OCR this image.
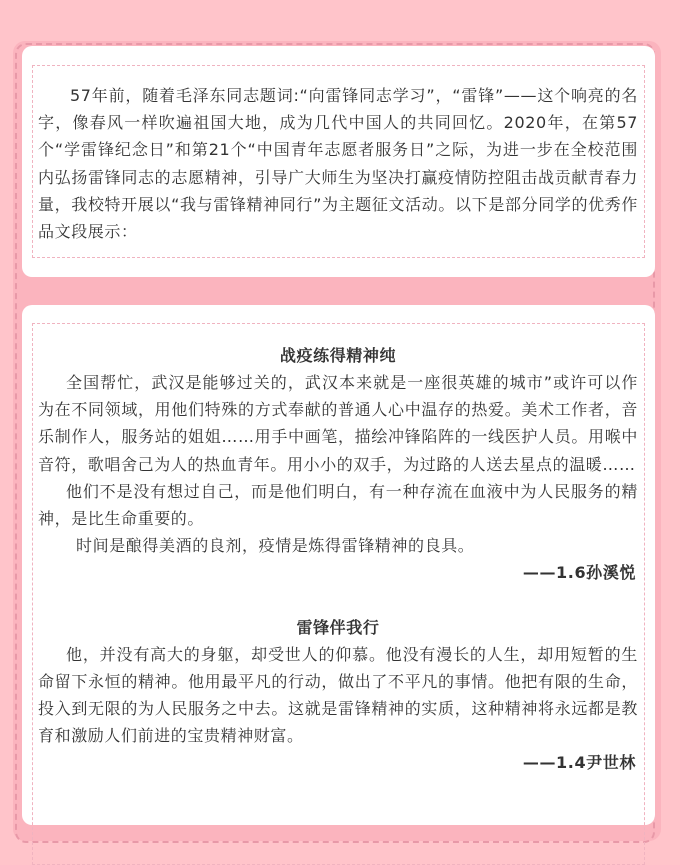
57年前，随着毛泽东同志题词:“向雷锋同志学习”，“雷锋”——这个响亮的名字，像春风一样吹遍祖国大地，成为几代中国人的共同回忆。2020年，在第57个“学雷锋纪念日”和第21个“中国青年志愿者服务日”之际，为进一步在全校范围内弘扬雷锋同志的志愿精神，引导广大师生为坚决打赢疫情防控阻击战贡献青春力量，我校特开展以“我与雷锋精神同行”为主题征文活动。以下是部分同学的优秀作品文段展示：

战疫练得精神纯

全国帮忙，武汉是能够过关的，武汉本来就是一座很英雄的城市”或许可以作为在不同领域，用他们特殊的方式奉献的普通人心中温存的热爱。美术工作者，音乐制作人，服务站的姐姐……用手中画笔，描绘冲锋陷阵的一线医护人员。用喉中音符，歌唱舍己为人的热血青年。用小小的双手，为过路的人送去星点的温暖……

他们不是没有想过自己，而是他们明白，有一种存流在血液中为人民服务的精神，是比生命重要的。

时间是酿得美酒的良剂，疫情是炼得雷锋精神的良具。

——1.6孙溪悦

雷锋伴我行

他，并没有高大的身躯，却受世人的仰慕。他没有漫长的人生，却用短暂的生命留下永恒的精神。他用最平凡的行动，做出了不平凡的事情。他把有限的生命，投入到无限的为人民服务之中去。这就是雷锋精神的实质，这种精神将永远都是教育和激励人们前进的宝贵精神财富。

——1.4尹世林
